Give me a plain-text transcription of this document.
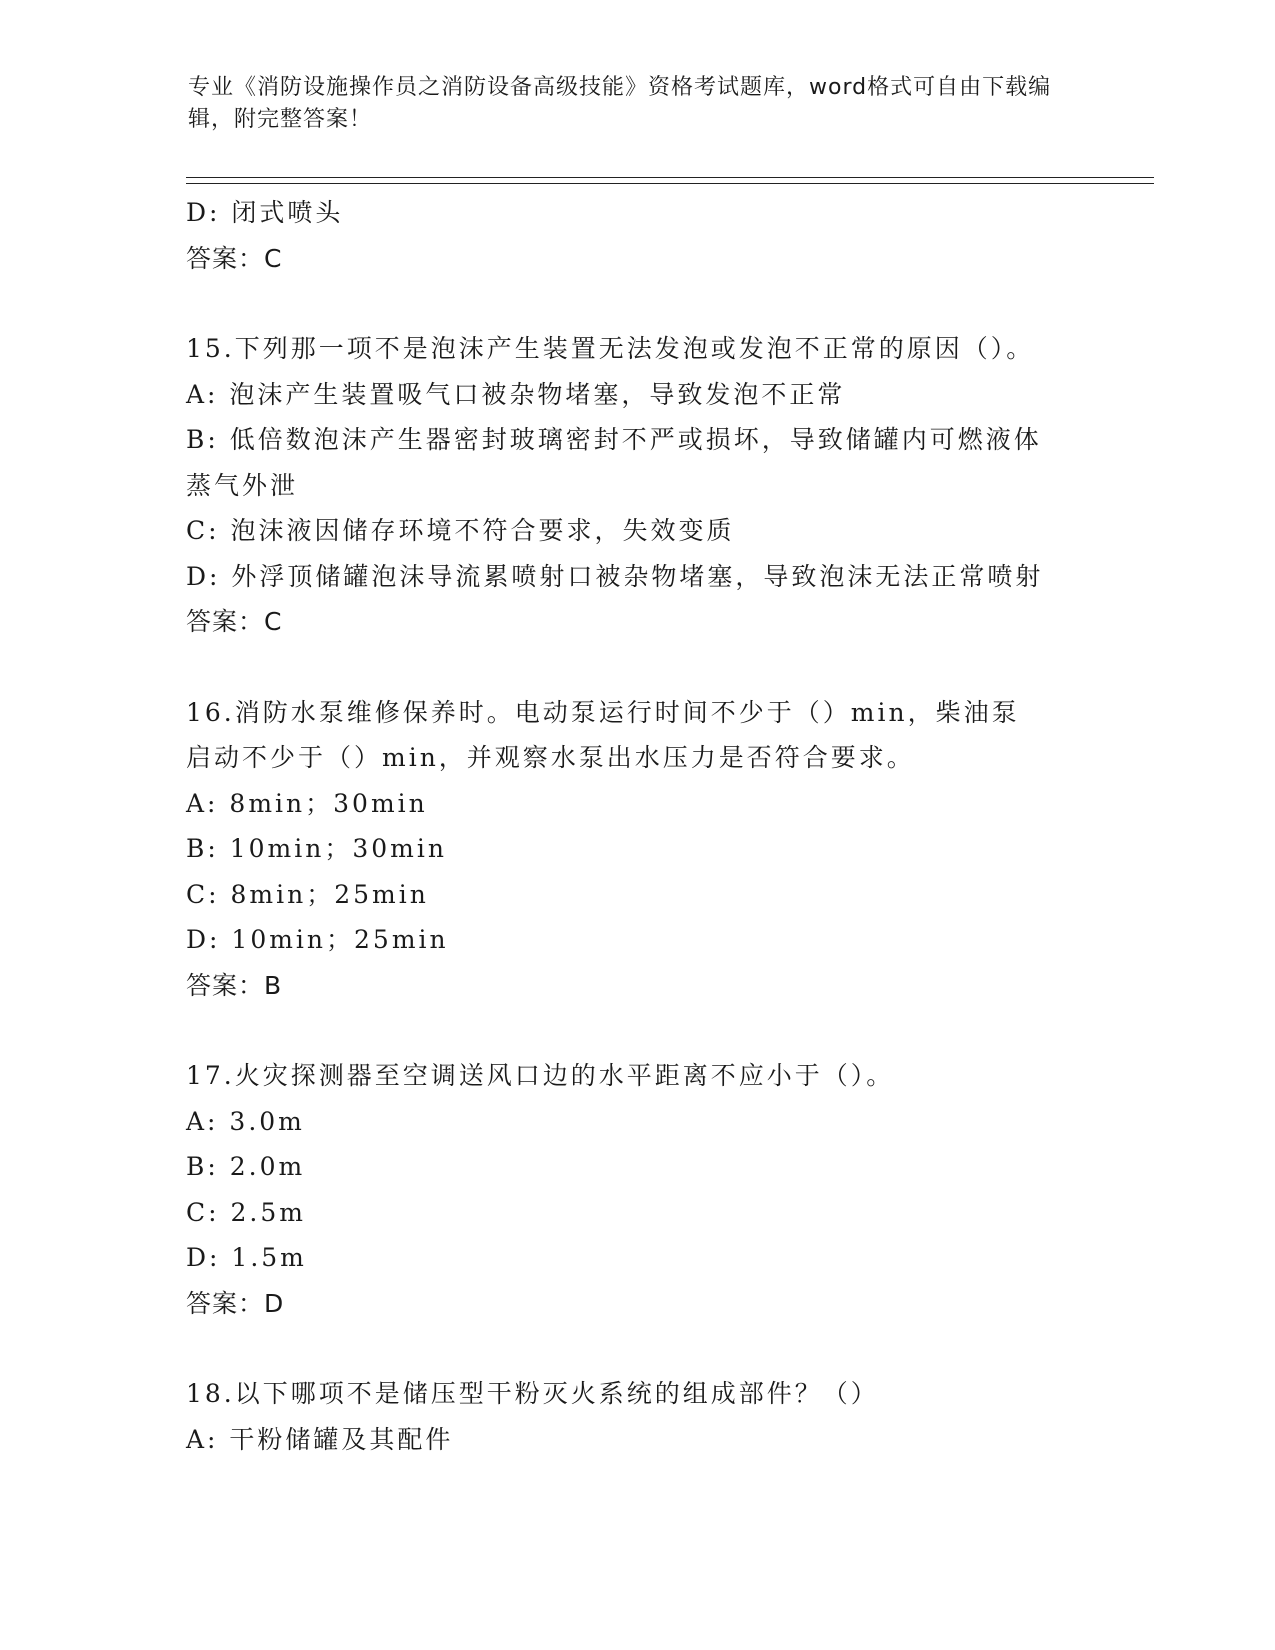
专业《消防设施操作员之消防设备高级技能》资格考试题库，word格式可自由下载编辑，附完整答案！
D: 闭式喷头
答案：C
15.下列那一项不是泡沫产生装置无法发泡或发泡不正常的原因（）。
A: 泡沫产生装置吸气口被杂物堵塞，导致发泡不正常
B: 低倍数泡沫产生器密封玻璃密封不严或损坏，导致储罐内可燃液体蒸气外泄
C: 泡沫液因储存环境不符合要求，失效变质
D: 外浮顶储罐泡沫导流累喷射口被杂物堵塞，导致泡沫无法正常喷射
答案：C
16.消防水泵维修保养时。电动泵运行时间不少于（）min，柴油泵启动不少于（）min，并观察水泵出水压力是否符合要求。
A: 8min；30min
B: 10min；30min
C: 8min；25min
D: 10min；25min
答案：B
17.火灾探测器至空调送风口边的水平距离不应小于（）。
A: 3.0m
B: 2.0m
C: 2.5m
D: 1.5m
答案：D
18.以下哪项不是储压型干粉灭火系统的组成部件？（）
A: 干粉储罐及其配件
